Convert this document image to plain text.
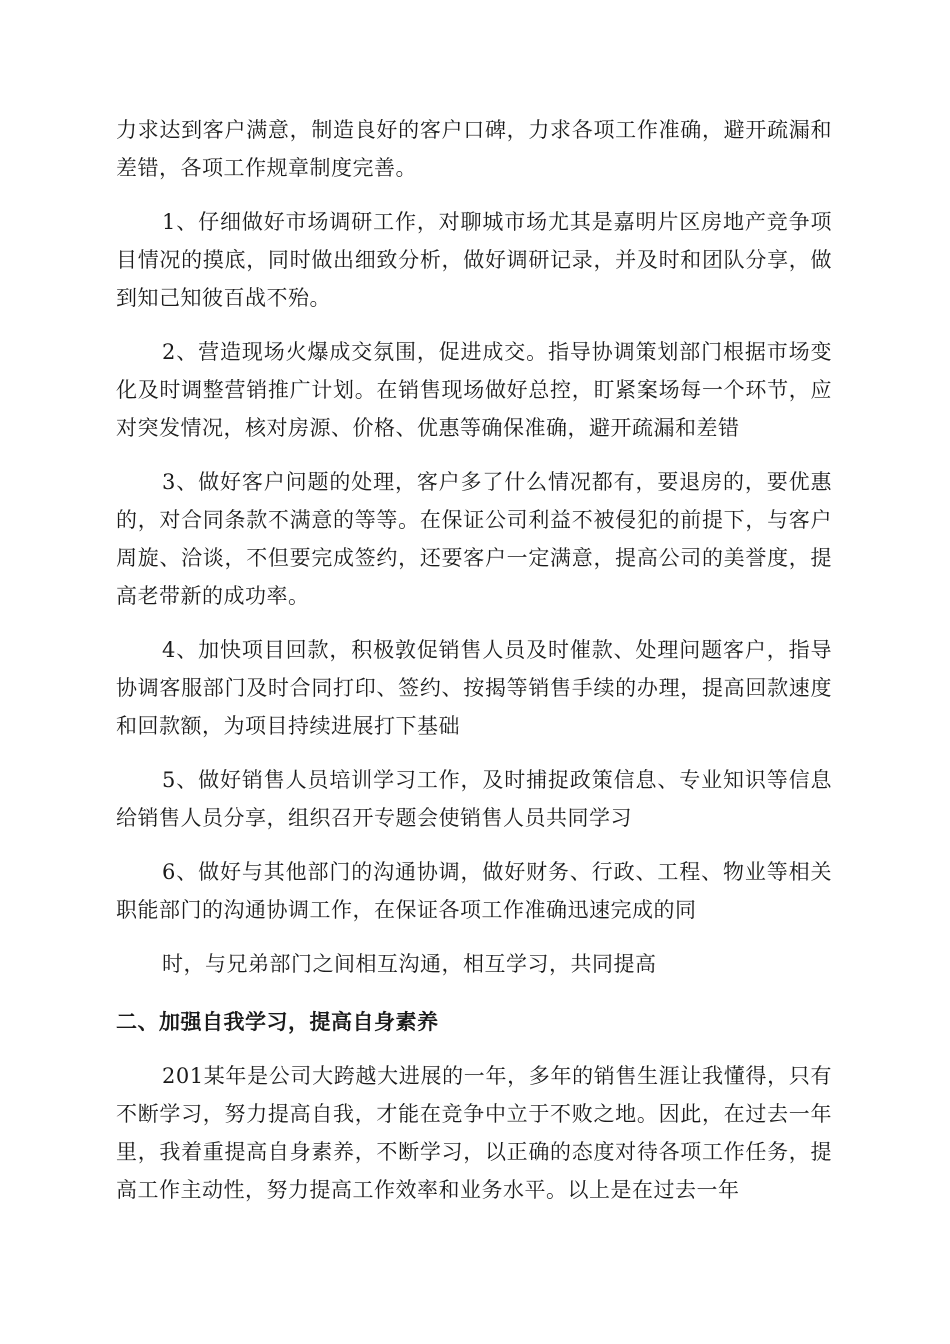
力求达到客户满意，制造良好的客户口碑，力求各项工作准确，避开疏漏和差错，各项工作规章制度完善。

1、仔细做好市场调研工作，对聊城市场尤其是嘉明片区房地产竞争项目情况的摸底，同时做出细致分析，做好调研记录，并及时和团队分享，做到知己知彼百战不殆。

2、营造现场火爆成交氛围，促进成交。指导协调策划部门根据市场变化及时调整营销推广计划。在销售现场做好总控，盯紧案场每一个环节，应对突发情况，核对房源、价格、优惠等确保准确，避开疏漏和差错

3、做好客户问题的处理，客户多了什么情况都有，要退房的，要优惠的，对合同条款不满意的等等。在保证公司利益不被侵犯的前提下，与客户周旋、洽谈，不但要完成签约，还要客户一定满意，提高公司的美誉度，提高老带新的成功率。

4、加快项目回款，积极敦促销售人员及时催款、处理问题客户，指导协调客服部门及时合同打印、签约、按揭等销售手续的办理，提高回款速度和回款额，为项目持续进展打下基础

5、做好销售人员培训学习工作，及时捕捉政策信息、专业知识等信息给销售人员分享，组织召开专题会使销售人员共同学习

6、做好与其他部门的沟通协调，做好财务、行政、工程、物业等相关职能部门的沟通协调工作，在保证各项工作准确迅速完成的同

时，与兄弟部门之间相互沟通，相互学习，共同提高

二、加强自我学习，提高自身素养

201某年是公司大跨越大进展的一年，多年的销售生涯让我懂得，只有不断学习，努力提高自我，才能在竞争中立于不败之地。因此，在过去一年里，我着重提高自身素养，不断学习，以正确的态度对待各项工作任务，提高工作主动性，努力提高工作效率和业务水平。以上是在过去一年
